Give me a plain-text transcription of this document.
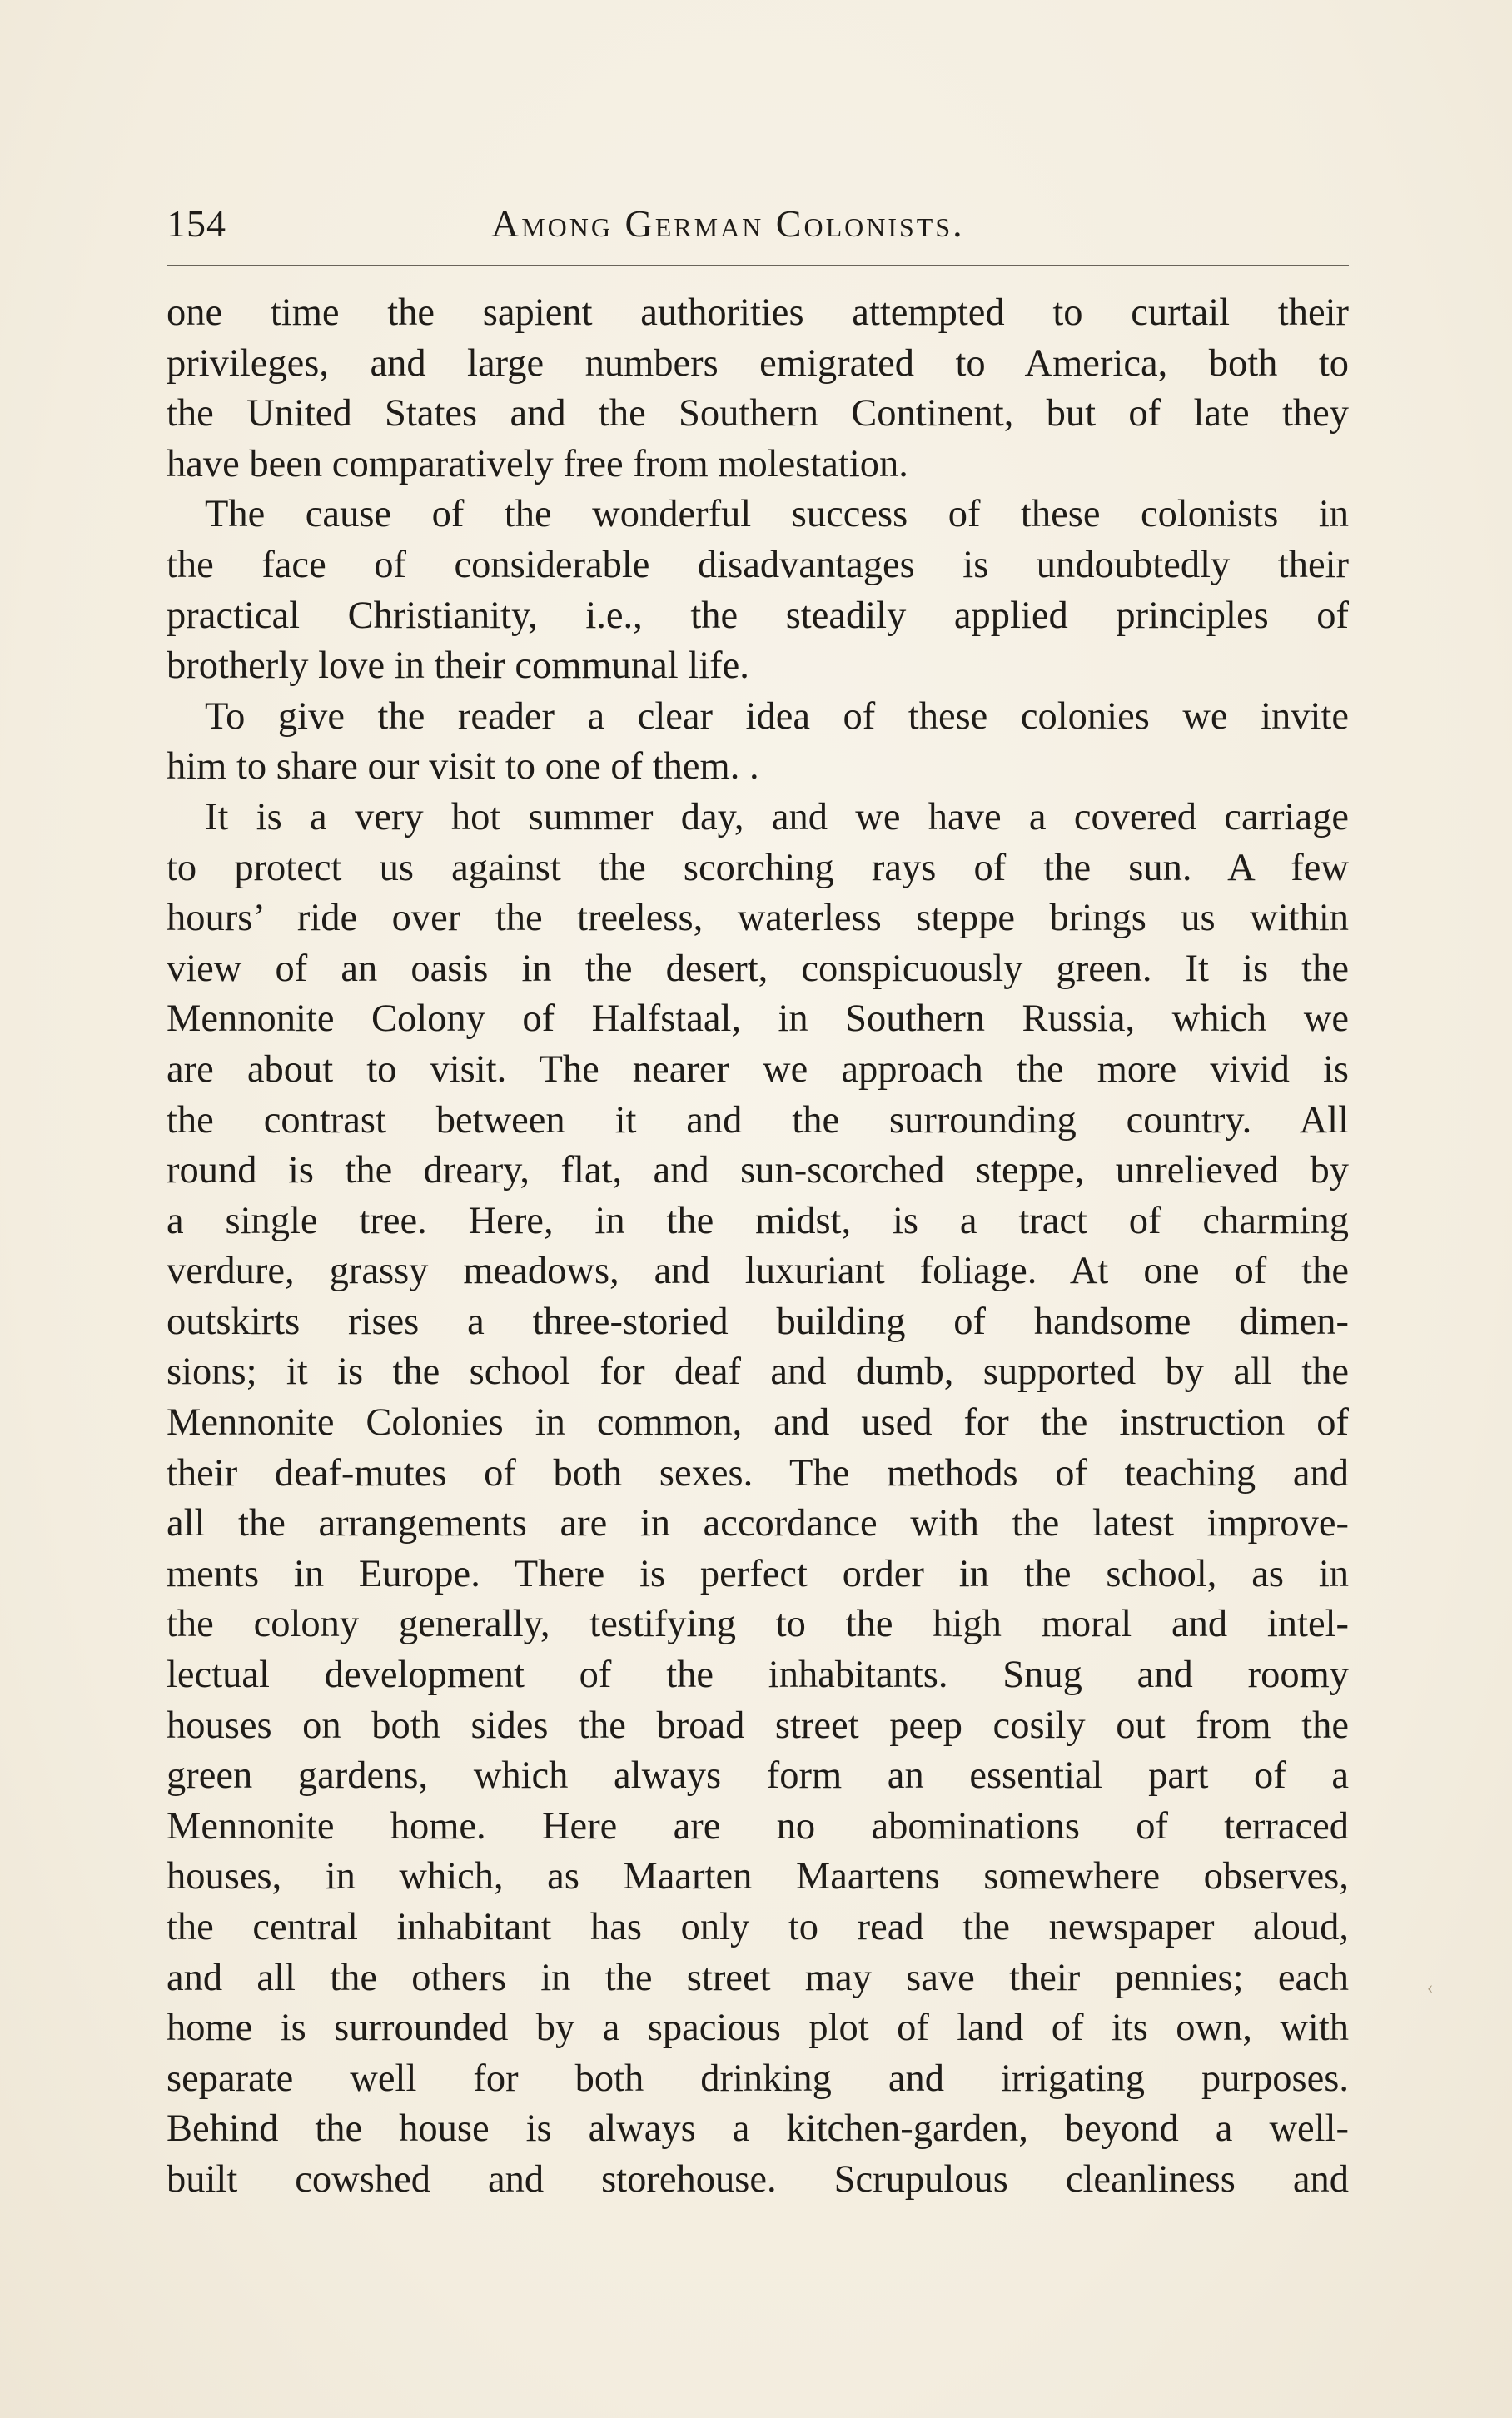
154	Among German Colonists.
one time the sapient authorities attempted to curtail their
privileges, and large numbers emigrated to America, both to
the United States and the Southern Continent, but of late they
have been comparatively free from molestation.
The cause of the wonderful success of these colonists in
the face of considerable disadvantages is undoubtedly their
practical Christianity, i.e., the steadily applied principles of
brotherly love in their communal life.
To give the reader a clear idea of these colonies we invite
him to share our visit to one of them. .
It is a very hot summer day, and we have a covered carriage
to protect us against the scorching rays of the sun. A few
hours’ ride over the treeless, waterless steppe brings us within
view of an oasis in the desert, conspicuously green. It is the
Mennonite Colony of Halfstaal, in Southern Russia, which we
are about to visit. The nearer we approach the more vivid is
the contrast between it and the surrounding country. All
round is the dreary, flat, and sun-scorched steppe, unrelieved by
a single tree. Here, in the midst, is a tract of charming
verdure, grassy meadows, and luxuriant foliage. At one of the
outskirts rises a three-storied building of handsome dimen-
sions; it is the school for deaf and dumb, supported by all the
Mennonite Colonies in common, and used for the instruction of
their deaf-mutes of both sexes. The methods of teaching and
all the arrangements are in accordance with the latest improve-
ments in Europe. There is perfect order in the school, as in
the colony generally, testifying to the high moral and intel-
lectual development of the inhabitants. Snug and roomy
houses on both sides the broad street peep cosily out from the
green gardens, which always form an essential part of a
Mennonite home. Here are no abominations of terraced
houses, in which, as Maarten Maartens somewhere observes,
the central inhabitant has only to read the newspaper aloud,
and all the others in the street may save their pennies; each
home is surrounded by a spacious plot of land of its own, with
separate well for both drinking and irrigating purposes.
Behind the house is always a kitchen-garden, beyond a well-
built cowshed and storehouse. Scrupulous cleanliness and
‹
